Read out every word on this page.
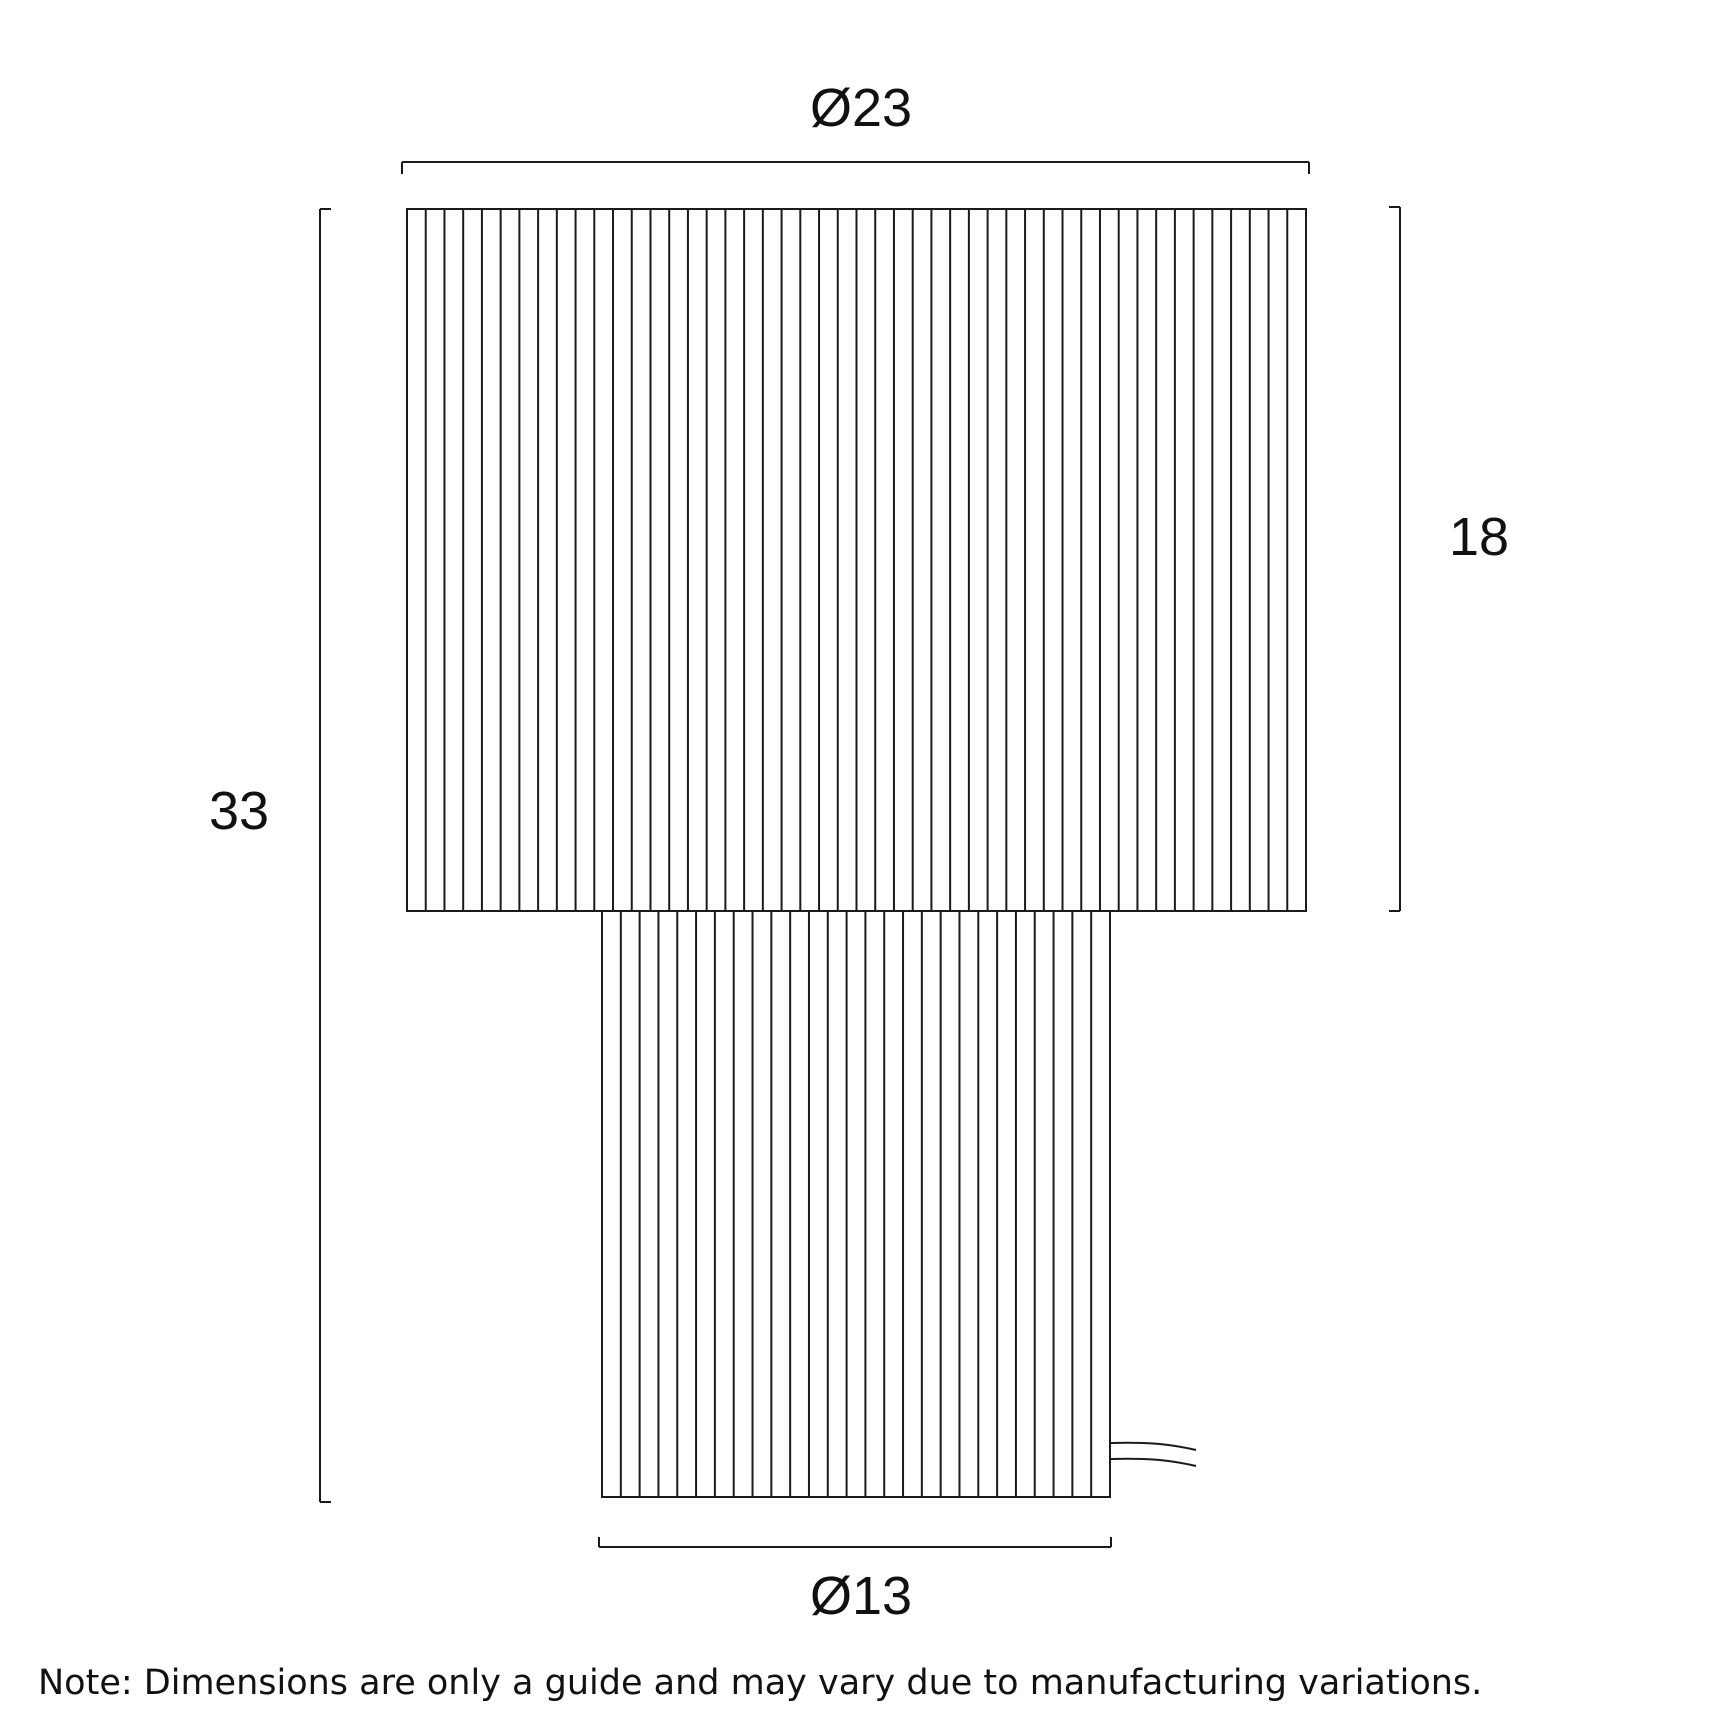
Ø23
33
18
Ø13
Note: Dimensions are only a guide and may vary due to manufacturing variations.
